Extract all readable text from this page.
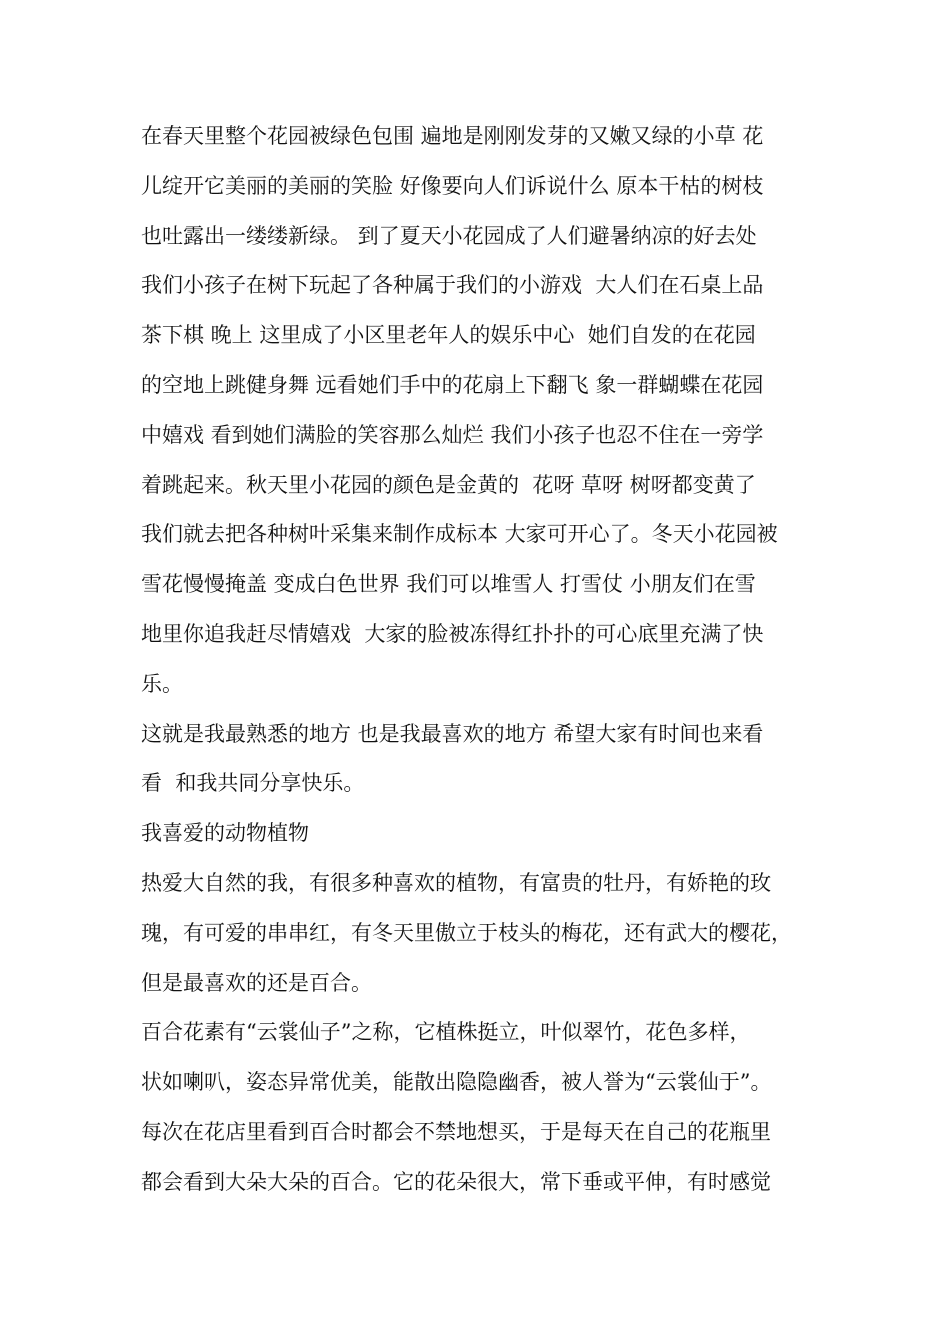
在春天里整个花园被绿色包围 遍地是刚刚发芽的又嫩又绿的小草 花
儿绽开它美丽的美丽的笑脸 好像要向人们诉说什么 原本干枯的树枝
也吐露出一缕缕新绿。 到了夏天小花园成了人们避暑纳凉的好去处
我们小孩子在树下玩起了各种属于我们的小游戏  大人们在石桌上品
茶下棋 晚上 这里成了小区里老年人的娱乐中心  她们自发的在花园
的空地上跳健身舞 远看她们手中的花扇上下翻飞 象一群蝴蝶在花园
中嬉戏 看到她们满脸的笑容那么灿烂 我们小孩子也忍不住在一旁学
着跳起来。秋天里小花园的颜色是金黄的  花呀 草呀 树呀都变黄了
我们就去把各种树叶采集来制作成标本 大家可开心了。冬天小花园被
雪花慢慢掩盖 变成白色世界 我们可以堆雪人 打雪仗 小朋友们在雪
地里你追我赶尽情嬉戏  大家的脸被冻得红扑扑的可心底里充满了快
乐。
这就是我最熟悉的地方 也是我最喜欢的地方 希望大家有时间也来看
看  和我共同分享快乐。
我喜爱的动物植物
热爱大自然的我，有很多种喜欢的植物，有富贵的牡丹，有娇艳的玫
瑰，有可爱的串串红，有冬天里傲立于枝头的梅花，还有武大的樱花，
但是最喜欢的还是百合。
百合花素有“云裳仙子”之称，它植株挺立，叶似翠竹，花色多样，
状如喇叭，姿态异常优美，能散出隐隐幽香，被人誉为“云裳仙于”。
每次在花店里看到百合时都会不禁地想买，于是每天在自己的花瓶里
都会看到大朵大朵的百合。它的花朵很大，常下垂或平伸，有时感觉
